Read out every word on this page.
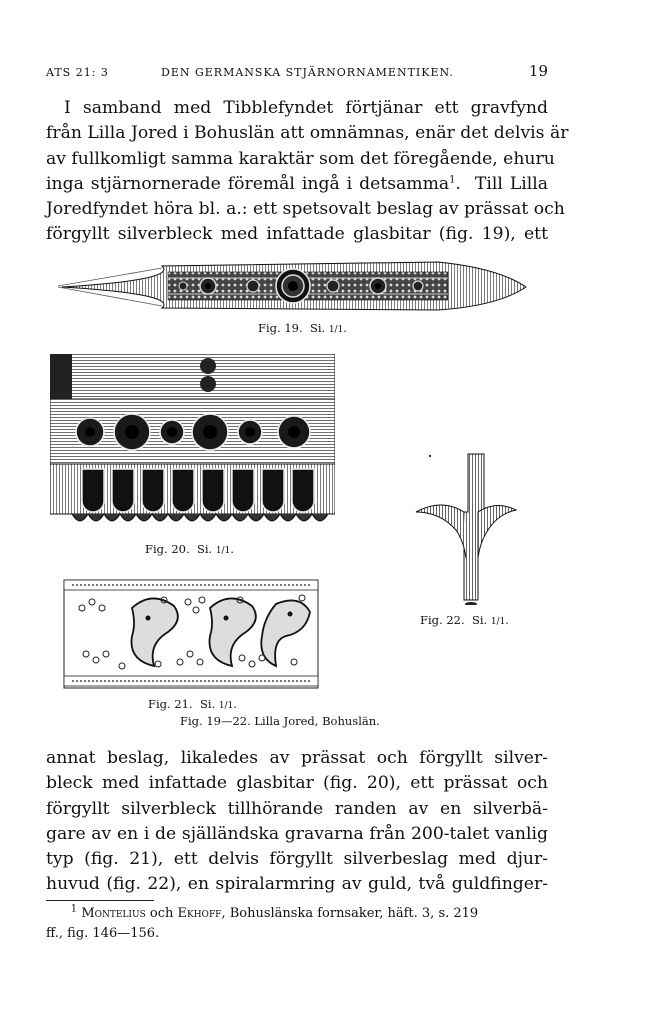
ATS 21: 3	DEN GERMANSKA STJÄRNORNAMENTIKEN.	19
I samband med Tibblefyndet förtjänar ett gravfynd
från Lilla Jored i Bohuslän att omnämnas, enär det delvis är
av fullkomligt samma karaktär som det föregående, ehuru
inga stjärnornerade föremål ingå i detsamma$^1$.  Till Lilla
Joredfyndet höra bl. a.: ett spetsovalt beslag av prässat och
förgyllt silverbleck med infattade glasbitar (fig. 19), ett
Fig. 19. Si. 1/1.
Fig. 20. Si. 1/1.
Fig. 22. Si. 1/1.
Fig. 21. Si. 1/1.
Fig. 19—22. Lilla Jored, Bohuslän.
annat beslag, likaledes av prässat och förgyllt silver-
bleck med infattade glasbitar (fig. 20), ett prässat och
förgyllt silverbleck tillhörande randen av en silverbä-
gare av en i de själländska gravarna från 200-talet vanlig
typ (fig. 21), ett delvis förgyllt silverbeslag med djur-
huvud (fig. 22), en spiralarmring av guld, två guldfinger-
$^1$ Montelius och Ekhoff, Bohuslänska fornsaker, häft. 3, s. 219
ff., fig. 146—156.
